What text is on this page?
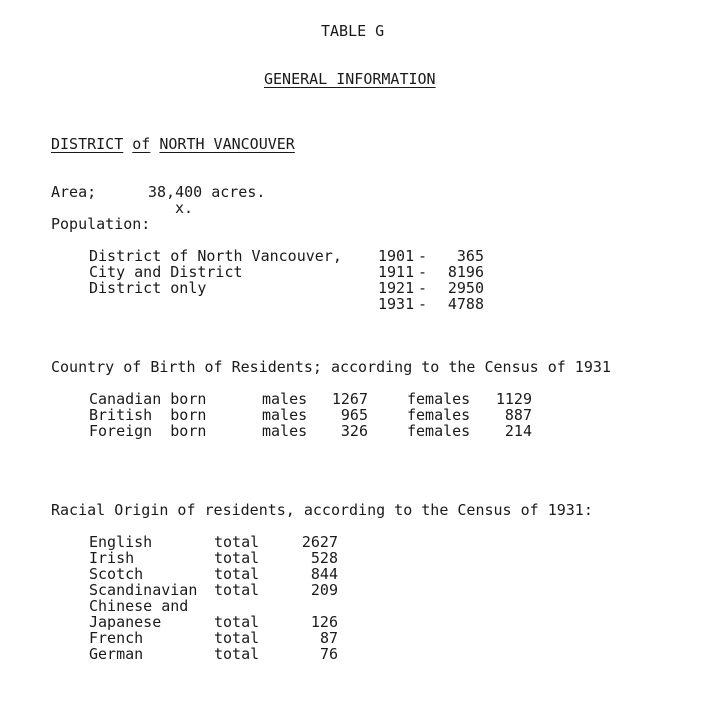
TABLE G
GENERAL INFORMATION
DISTRICT of NORTH VANCOUVER
Area;	38,400 acres.
x.
Population:
District of North Vancouver, 1901 -	365
City and District	1911 -	8196
District only	1921 -	2950
1931 -	4788
Country of Birth of Residents; according to the Census of 1931
Canadian born	males	1267	females	1129
British  born	males	965	females	887
Foreign  born	males	326	females	214
Racial Origin of residents, according to the Census of 1931:
English	total	2627
Irish	total	528
Scotch	total	844
Scandinavian total	209
Chinese and
Japanese	total	126
French	total	87
German	total	76
